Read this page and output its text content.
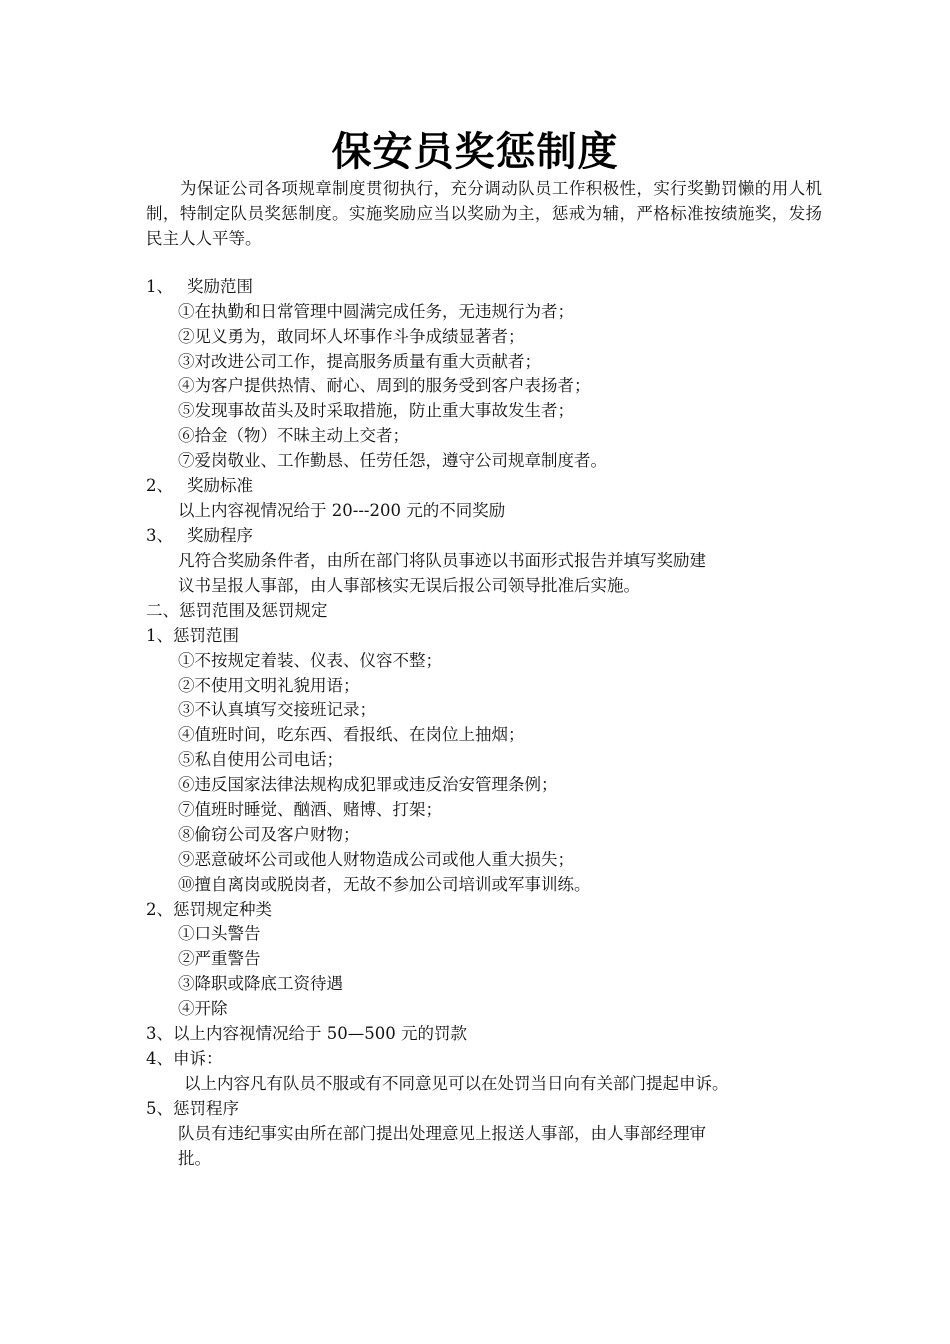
保安员奖惩制度
为保证公司各项规章制度贯彻执行，充分调动队员工作积极性，实行奖勤罚懒的用人机制，特制定队员奖惩制度。实施奖励应当以奖励为主，惩戒为辅，严格标准按绩施奖，发扬民主人人平等。
1、 奖励范围
①在执勤和日常管理中圆满完成任务，无违规行为者；
②见义勇为，敢同坏人坏事作斗争成绩显著者；
③对改进公司工作，提高服务质量有重大贡献者；
④为客户提供热情、耐心、周到的服务受到客户表扬者；
⑤发现事故苗头及时采取措施，防止重大事故发生者；
⑥拾金（物）不昧主动上交者；
⑦爱岗敬业、工作勤恳、任劳任怨，遵守公司规章制度者。
2、 奖励标准
以上内容视情况给于 20---200 元的不同奖励
3、 奖励程序
凡符合奖励条件者，由所在部门将队员事迹以书面形式报告并填写奖励建
议书呈报人事部，由人事部核实无误后报公司领导批准后实施。
二、惩罚范围及惩罚规定
1、惩罚范围
①不按规定着装、仪表、仪容不整；
②不使用文明礼貌用语；
③不认真填写交接班记录；
④值班时间，吃东西、看报纸、在岗位上抽烟；
⑤私自使用公司电话；
⑥违反国家法律法规构成犯罪或违反治安管理条例；
⑦值班时睡觉、酗酒、赌博、打架；
⑧偷窃公司及客户财物；
⑨恶意破坏公司或他人财物造成公司或他人重大损失；
⑩擅自离岗或脱岗者，无故不参加公司培训或军事训练。
2、惩罚规定种类
①口头警告
②严重警告
③降职或降底工资待遇
④开除
3、以上内容视情况给于 50—500 元的罚款
4、申诉：
以上内容凡有队员不服或有不同意见可以在处罚当日向有关部门提起申诉。
5、惩罚程序
队员有违纪事实由所在部门提出处理意见上报送人事部，由人事部经理审
批。
